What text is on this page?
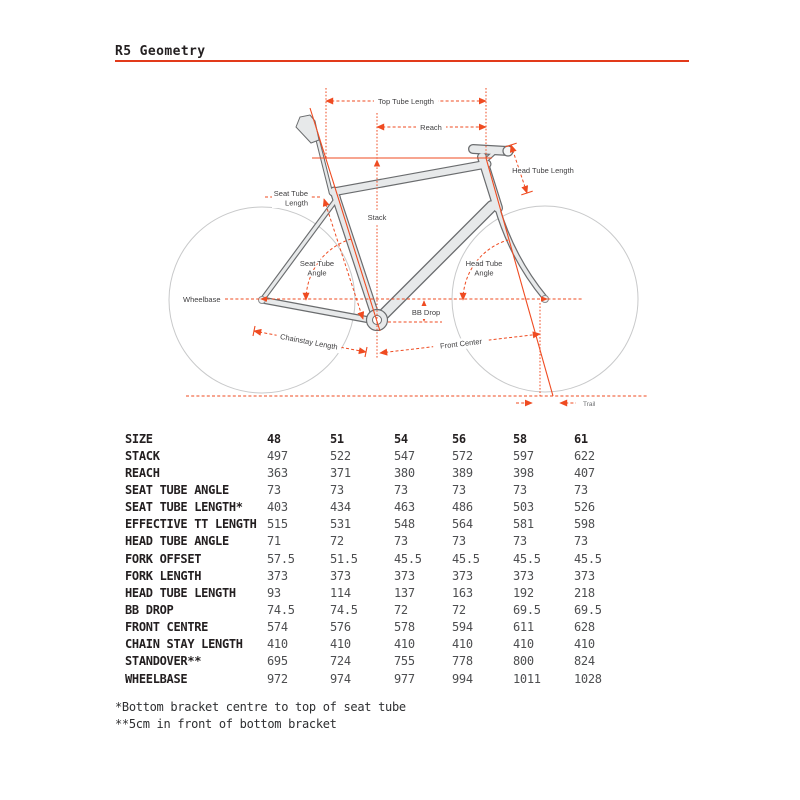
R5 Geometry
Top Tube Length
Reach
Head Tube Length
Seat Tube
Length
Stack
Seat Tube
Angle
Head Tube
Angle
Wheelbase
BB Drop
Chainstay Length	Front Center
Trail
SIZE	48	51	54	56	58	61
STACK	497	522	547	572	597	622
REACH	363	371	380	389	398	407
SEAT TUBE ANGLE	73	73	73	73	73	73
SEAT TUBE LENGTH*	403	434	463	486	503	526
EFFECTIVE TT LENGTH 515	531	548	564	581	598
HEAD TUBE ANGLE	71	72	73	73	73	73
FORK OFFSET	57.5	51.5	45.5	45.5	45.5	45.5
FORK LENGTH	373	373	373	373	373	373
HEAD TUBE LENGTH	93	114	137	163	192	218
BB DROP	74.5	74.5	72	72	69.5	69.5
FRONT CENTRE	574	576	578	594	611	628
CHAIN STAY LENGTH	410	410	410	410	410	410
STANDOVER**	695	724	755	778	800	824
WHEELBASE	972	974	977	994	1011	1028
*Bottom bracket centre to top of seat tube
**5cm in front of bottom bracket
